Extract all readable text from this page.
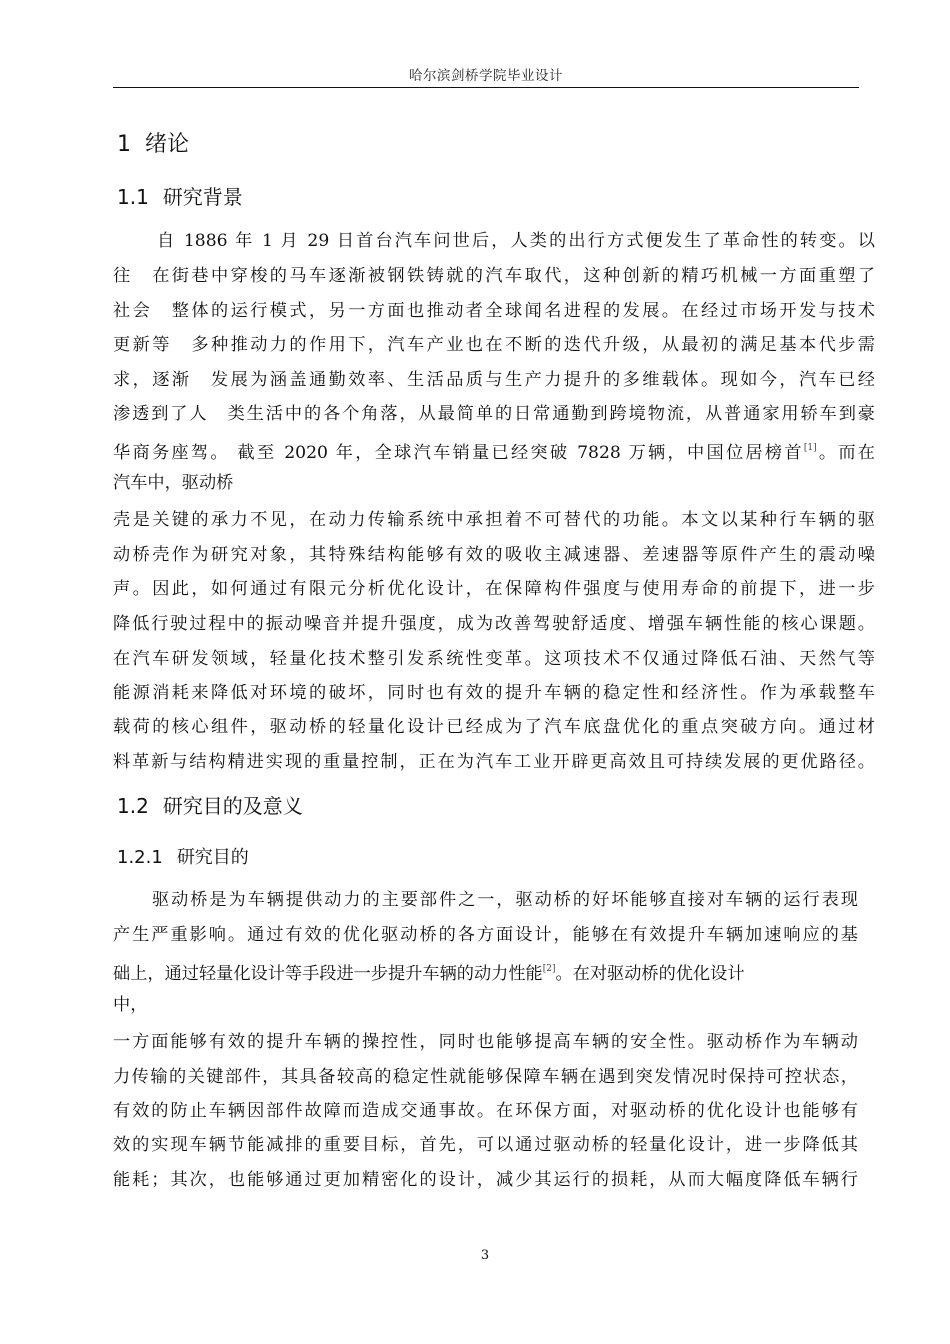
哈尔滨剑桥学院毕业设计
1 绪论
1.1 研究背景
自 1886 年 1 月 29 日首台汽车问世后，人类的出行方式便发生了革命性的转变。以
往　在街巷中穿梭的马车逐渐被钢铁铸就的汽车取代，这种创新的精巧机械一方面重塑了
社会　整体的运行模式，另一方面也推动者全球闻名进程的发展。在经过市场开发与技术
更新等　多种推动力的作用下，汽车产业也在不断的迭代升级，从最初的满足基本代步需
求，逐渐　发展为涵盖通勤效率、生活品质与生产力提升的多维载体。现如今，汽车已经
渗透到了人　类生活中的各个角落，从最简单的日常通勤到跨境物流，从普通家用轿车到豪
华商务座驾。 截至 2020 年，全球汽车销量已经突破 7828 万辆，中国位居榜首[1]。而在
汽车中，驱动桥
壳是关键的承力不见，在动力传输系统中承担着不可替代的功能。本文以某种行车辆的驱
动桥壳作为研究对象，其特殊结构能够有效的吸收主减速器、差速器等原件产生的震动噪
声。因此，如何通过有限元分析优化设计，在保障构件强度与使用寿命的前提下，进一步
降低行驶过程中的振动噪音并提升强度，成为改善驾驶舒适度、增强车辆性能的核心课题。
在汽车研发领域，轻量化技术整引发系统性变革。这项技术不仅通过降低石油、天然气等
能源消耗来降低对环境的破坏，同时也有效的提升车辆的稳定性和经济性。作为承载整车
载荷的核心组件，驱动桥的轻量化设计已经成为了汽车底盘优化的重点突破方向。通过材
料革新与结构精进实现的重量控制，正在为汽车工业开辟更高效且可持续发展的更优路径。
1.2 研究目的及意义
1.2.1 研究目的
驱动桥是为车辆提供动力的主要部件之一，驱动桥的好坏能够直接对车辆的运行表现
产生严重影响。通过有效的优化驱动桥的各方面设计，能够在有效提升车辆加速响应的基
础上，通过轻量化设计等手段进一步提升车辆的动力性能[2]。在对驱动桥的优化设计
中，
一方面能够有效的提升车辆的操控性，同时也能够提高车辆的安全性。驱动桥作为车辆动
力传输的关键部件，其具备较高的稳定性就能够保障车辆在遇到突发情况时保持可控状态，
有效的防止车辆因部件故障而造成交通事故。在环保方面，对驱动桥的优化设计也能够有
效的实现车辆节能减排的重要目标，首先，可以通过驱动桥的轻量化设计，进一步降低其
能耗；其次，也能够通过更加精密化的设计，减少其运行的损耗，从而大幅度降低车辆行
3
